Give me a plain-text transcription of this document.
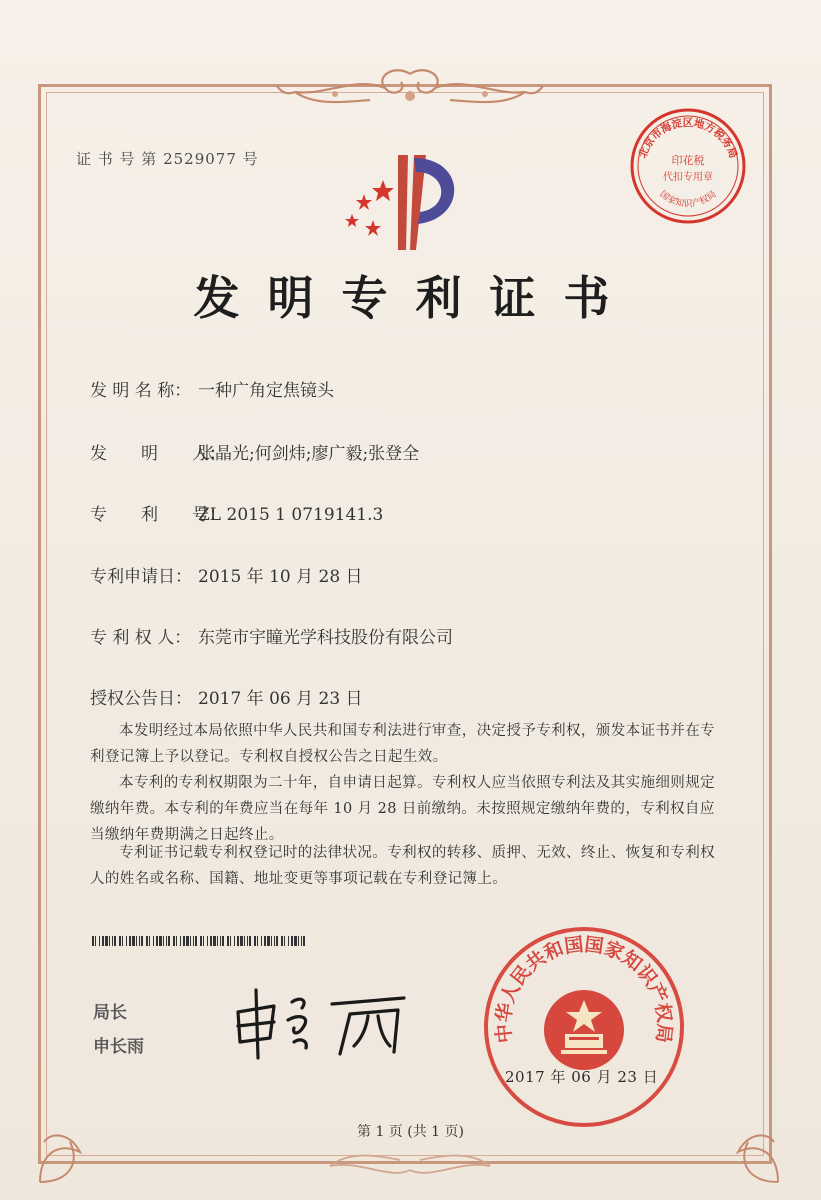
证 书 号 第 2529077 号	北京市海淀区地方税务局
印花税
代扣专用章
国家知识产权局
发明专利证书
发 明 名 称： 一种广角定焦镜头
发　　明　　人：张晶光;何剑炜;廖广毅;张登全
专　　利　　号：ZL 2015 1 0719141.3
专利申请日： 2015 年 10 月 28 日
专 利 权 人： 东莞市宇瞳光学科技股份有限公司
授权公告日： 2017 年 06 月 23 日
本发明经过本局依照中华人民共和国专利法进行审查，决定授予专利权，颁发本证书并在专利登记簿上予以登记。专利权自授权公告之日起生效。
本专利的专利权期限为二十年，自申请日起算。专利权人应当依照专利法及其实施细则规定缴纳年费。本专利的年费应当在每年 10 月 28 日前缴纳。未按照规定缴纳年费的，专利权自应当缴纳年费期满之日起终止。
专利证书记载专利权登记时的法律状况。专利权的转移、质押、无效、终止、恢复和专利权人的姓名或名称、国籍、地址变更等事项记载在专利登记簿上。
局长
申长雨
中华人民共和国国家知识产权局
2017 年 06 月 23 日
第 1 页 (共 1 页)
